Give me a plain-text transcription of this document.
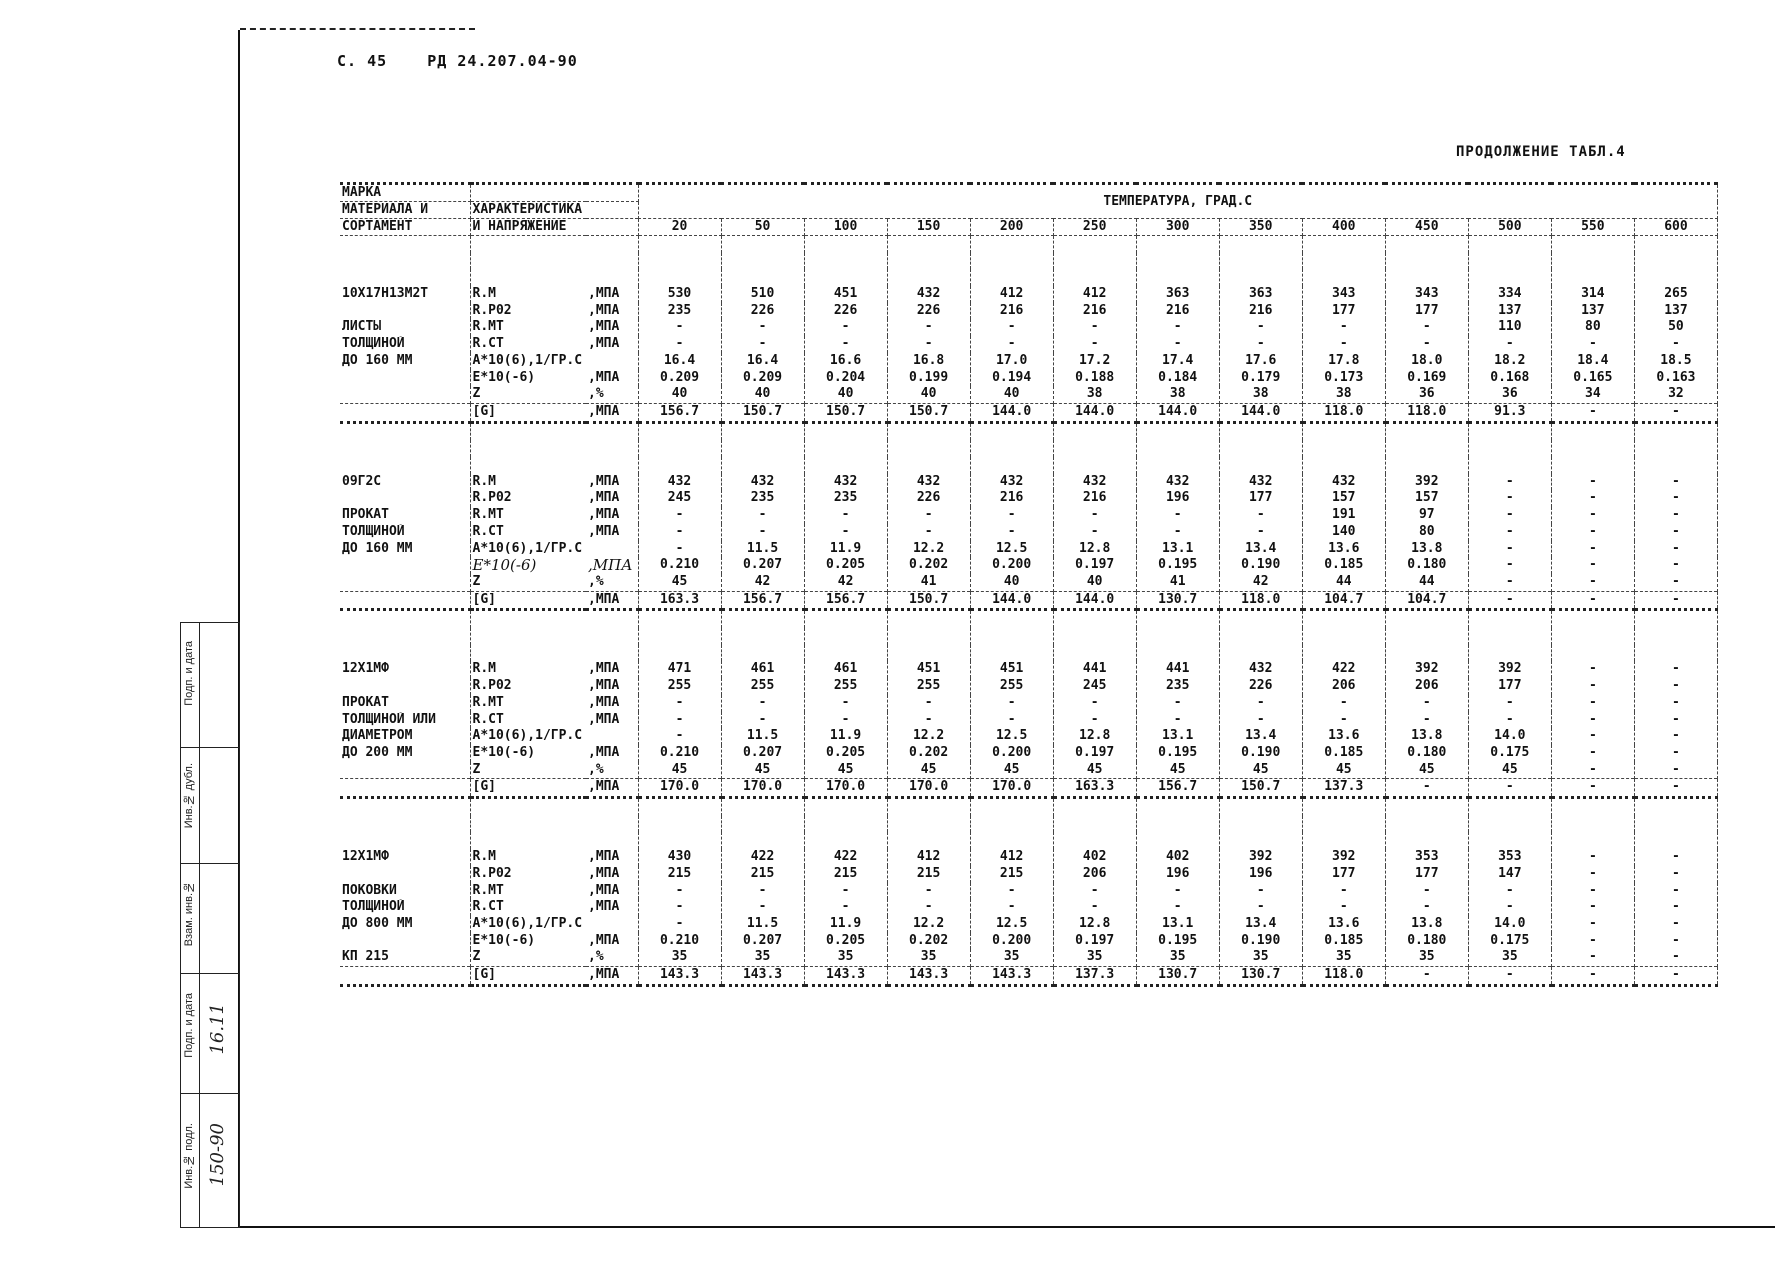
С. 45	РД 24.207.04-90
ПРОДОЛЖЕНИЕ ТАБЛ.4
Инв.№ подл.
Подп. и дата
Взам. инв.№
Инв.№ дубл.
Подп. и дата
150-90
16.11
МАРКА			ТЕМПЕРАТУРА, ГРАД.С												
МАТЕРИАЛА И	ХАРАКТЕРИСТИКА														
СОРТАМЕНТ	И НАПРЯЖЕНИЕ		20	50	100	150	200	250	300	350	400	450	500	550	600

10Х17Н13М2Т	R.M	,МПА	530	510	451	432	412	412	363	363	343	343	334	314	265
	R.P02	,МПА	235	226	226	226	216	216	216	216	177	177	137	137	137
ЛИСТЫ	R.MT	,МПА	-	-	-	-	-	-	-	-	-	-	110	80	50
ТОЛЩИНОЙ	R.CT	,МПА	-	-	-	-	-	-	-	-	-	-	-	-	-
ДО 160 ММ	A*10(6),1/ГР.C		16.4	16.4	16.6	16.8	17.0	17.2	17.4	17.6	17.8	18.0	18.2	18.4	18.5
	E*10(-6)	,МПА	0.209	0.209	0.204	0.199	0.194	0.188	0.184	0.179	0.173	0.169	0.168	0.165	0.163
	Z	,%	40	40	40	40	40	38	38	38	38	36	36	34	32
	[G]	,МПА	156.7	150.7	150.7	150.7	144.0	144.0	144.0	144.0	118.0	118.0	91.3	-	-

09Г2С	R.M	,МПА	432	432	432	432	432	432	432	432	432	392	-	-	-
	R.P02	,МПА	245	235	235	226	216	216	196	177	157	157	-	-	-
ПРОКАТ	R.MT	,МПА	-	-	-	-	-	-	-	-	191	97	-	-	-
ТОЛЩИНОЙ	R.CT	,МПА	-	-	-	-	-	-	-	-	140	80	-	-	-
ДО 160 ММ	A*10(6),1/ГР.C		-	11.5	11.9	12.2	12.5	12.8	13.1	13.4	13.6	13.8	-	-	-
	E*10(-6)	,МПА	0.210	0.207	0.205	0.202	0.200	0.197	0.195	0.190	0.185	0.180	-	-	-
	Z	,%	45	42	42	41	40	40	41	42	44	44	-	-	-
	[G]	,МПА	163.3	156.7	156.7	150.7	144.0	144.0	130.7	118.0	104.7	104.7	-	-	-

12Х1МФ	R.M	,МПА	471	461	461	451	451	441	441	432	422	392	392	-	-
	R.P02	,МПА	255	255	255	255	255	245	235	226	206	206	177	-	-
ПРОКАТ	R.MT	,МПА	-	-	-	-	-	-	-	-	-	-	-	-	-
ТОЛЩИНОЙ ИЛИ	R.CT	,МПА	-	-	-	-	-	-	-	-	-	-	-	-	-
ДИАМЕТРОМ	A*10(6),1/ГР.C		-	11.5	11.9	12.2	12.5	12.8	13.1	13.4	13.6	13.8	14.0	-	-
ДО 200 ММ	E*10(-6)	,МПА	0.210	0.207	0.205	0.202	0.200	0.197	0.195	0.190	0.185	0.180	0.175	-	-
	Z	,%	45	45	45	45	45	45	45	45	45	45	45	-	-
	[G]	,МПА	170.0	170.0	170.0	170.0	170.0	163.3	156.7	150.7	137.3	-	-	-	-

12Х1МФ	R.M	,МПА	430	422	422	412	412	402	402	392	392	353	353	-	-
	R.P02	,МПА	215	215	215	215	215	206	196	196	177	177	147	-	-
ПОКОВКИ	R.MT	,МПА	-	-	-	-	-	-	-	-	-	-	-	-	-
ТОЛЩИНОЙ	R.CT	,МПА	-	-	-	-	-	-	-	-	-	-	-	-	-
ДО 800 ММ	A*10(6),1/ГР.C		-	11.5	11.9	12.2	12.5	12.8	13.1	13.4	13.6	13.8	14.0	-	-
	E*10(-6)	,МПА	0.210	0.207	0.205	0.202	0.200	0.197	0.195	0.190	0.185	0.180	0.175	-	-
КП 215	Z	,%	35	35	35	35	35	35	35	35	35	35	35	-	-
	[G]	,МПА	143.3	143.3	143.3	143.3	143.3	137.3	130.7	130.7	118.0	-	-	-	-
